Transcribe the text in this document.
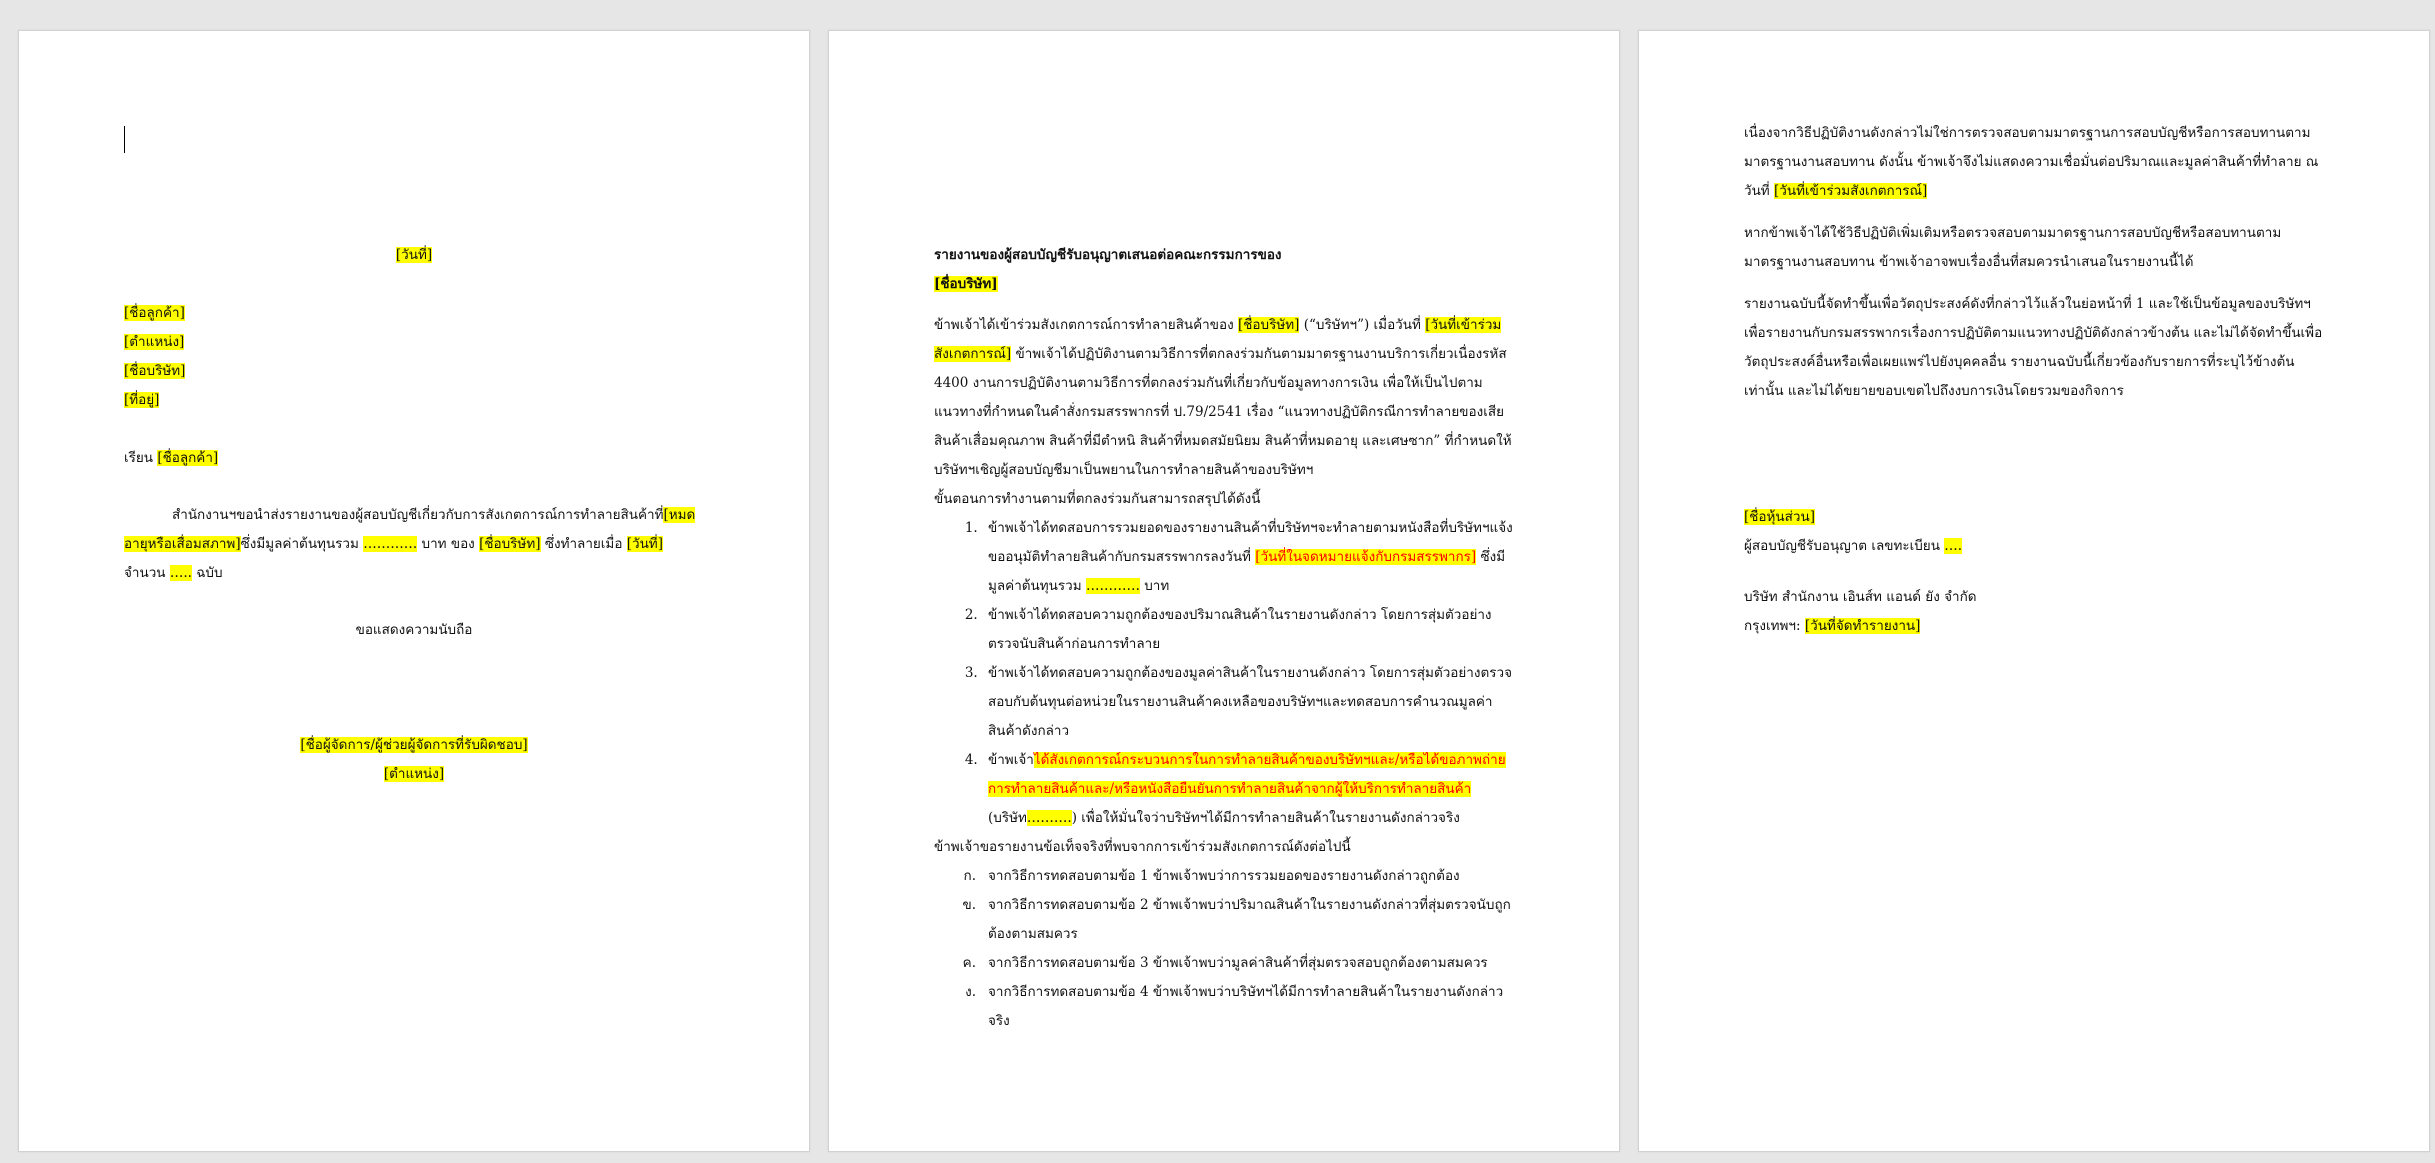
[วันที่]
[ชื่อลูกค้า]
[ตำแหน่ง]
[ชื่อบริษัท]
[ที่อยู่]
เรียน [ชื่อลูกค้า]

สำนักงานฯขอนำส่งรายงานของผู้สอบบัญชีเกี่ยวกับการสังเกตการณ์การทำลายสินค้าที่[หมดอายุหรือเสื่อมสภาพ]ซึ่งมีมูลค่าต้นทุนรวม ………… บาท ของ [ชื่อบริษัท] ซึ่งทำลายเมื่อ [วันที่] จำนวน ….. ฉบับ

ขอแสดงความนับถือ
[ชื่อผู้จัดการ/ผู้ช่วยผู้จัดการที่รับผิดชอบ]
[ตำแหน่ง]
รายงานของผู้สอบบัญชีรับอนุญาตเสนอต่อคณะกรรมการของ
[ชื่อบริษัท]

ข้าพเจ้าได้เข้าร่วมสังเกตการณ์การทำลายสินค้าของ [ชื่อบริษัท] (“บริษัทฯ”) เมื่อวันที่ [วันที่เข้าร่วมสังเกตการณ์] ข้าพเจ้าได้ปฏิบัติงานตามวิธีการที่ตกลงร่วมกันตามมาตรฐานงานบริการเกี่ยวเนื่องรหัส 4400 งานการปฏิบัติงานตามวิธีการที่ตกลงร่วมกันที่เกี่ยวกับข้อมูลทางการเงิน เพื่อให้เป็นไปตามแนวทางที่กำหนดในคำสั่งกรมสรรพากรที่ ป.79/2541 เรื่อง “แนวทางปฏิบัติกรณีการทำลายของเสีย สินค้าเสื่อมคุณภาพ สินค้าที่มีตำหนิ สินค้าที่หมดสมัยนิยม สินค้าที่หมดอายุ และเศษซาก” ที่กำหนดให้บริษัทฯเชิญผู้สอบบัญชีมาเป็นพยานในการทำลายสินค้าของบริษัทฯ

ขั้นตอนการทำงานตามที่ตกลงร่วมกันสามารถสรุปได้ดังนี้

1. ข้าพเจ้าได้ทดสอบการรวมยอดของรายงานสินค้าที่บริษัทฯจะทำลายตามหนังสือที่บริษัทฯแจ้งขออนุมัติทำลายสินค้ากับกรมสรรพากรลงวันที่ [วันที่ในจดหมายแจ้งกับกรมสรรพากร] ซึ่งมีมูลค่าต้นทุนรวม ………… บาท
2. ข้าพเจ้าได้ทดสอบความถูกต้องของปริมาณสินค้าในรายงานดังกล่าว โดยการสุ่มตัวอย่างตรวจนับสินค้าก่อนการทำลาย
3. ข้าพเจ้าได้ทดสอบความถูกต้องของมูลค่าสินค้าในรายงานดังกล่าว โดยการสุ่มตัวอย่างตรวจสอบกับต้นทุนต่อหน่วยในรายงานสินค้าคงเหลือของบริษัทฯและทดสอบการคำนวณมูลค่าสินค้าดังกล่าว
4. ข้าพเจ้าได้สังเกตการณ์กระบวนการในการทำลายสินค้าของบริษัทฯและ/หรือได้ขอภาพถ่ายการทำลายสินค้าและ/หรือหนังสือยืนยันการทำลายสินค้าจากผู้ให้บริการทำลายสินค้า (บริษัท……….) เพื่อให้มั่นใจว่าบริษัทฯได้มีการทำลายสินค้าในรายงานดังกล่าวจริง

ข้าพเจ้าขอรายงานข้อเท็จจริงที่พบจากการเข้าร่วมสังเกตการณ์ดังต่อไปนี้

ก. จากวิธีการทดสอบตามข้อ 1 ข้าพเจ้าพบว่าการรวมยอดของรายงานดังกล่าวถูกต้อง
ข. จากวิธีการทดสอบตามข้อ 2 ข้าพเจ้าพบว่าปริมาณสินค้าในรายงานดังกล่าวที่สุ่มตรวจนับถูกต้องตามสมควร
ค. จากวิธีการทดสอบตามข้อ 3 ข้าพเจ้าพบว่ามูลค่าสินค้าที่สุ่มตรวจสอบถูกต้องตามสมควร
ง. จากวิธีการทดสอบตามข้อ 4 ข้าพเจ้าพบว่าบริษัทฯได้มีการทำลายสินค้าในรายงานดังกล่าวจริง

เนื่องจากวิธีปฏิบัติงานดังกล่าวไม่ใช่การตรวจสอบตามมาตรฐานการสอบบัญชีหรือการสอบทานตามมาตรฐานงานสอบทาน ดังนั้น ข้าพเจ้าจึงไม่แสดงความเชื่อมั่นต่อปริมาณและมูลค่าสินค้าที่ทำลาย ณ วันที่ [วันที่เข้าร่วมสังเกตการณ์]

หากข้าพเจ้าได้ใช้วิธีปฏิบัติเพิ่มเติมหรือตรวจสอบตามมาตรฐานการสอบบัญชีหรือสอบทานตามมาตรฐานงานสอบทาน ข้าพเจ้าอาจพบเรื่องอื่นที่สมควรนำเสนอในรายงานนี้ได้

รายงานฉบับนี้จัดทำขึ้นเพื่อวัตถุประสงค์ดังที่กล่าวไว้แล้วในย่อหน้าที่ 1 และใช้เป็นข้อมูลของบริษัทฯเพื่อรายงานกับกรมสรรพากรเรื่องการปฏิบัติตามแนวทางปฏิบัติดังกล่าวข้างต้น และไม่ได้จัดทำขึ้นเพื่อวัตถุประสงค์อื่นหรือเพื่อเผยแพร่ไปยังบุคคลอื่น รายงานฉบับนี้เกี่ยวข้องกับรายการที่ระบุไว้ข้างต้นเท่านั้น และไม่ได้ขยายขอบเขตไปถึงงบการเงินโดยรวมของกิจการ

[ชื่อหุ้นส่วน]
ผู้สอบบัญชีรับอนุญาต เลขทะเบียน ….
บริษัท สำนักงาน เอินส์ท แอนด์ ยัง จำกัด
กรุงเทพฯ: [วันที่จัดทำรายงาน]
